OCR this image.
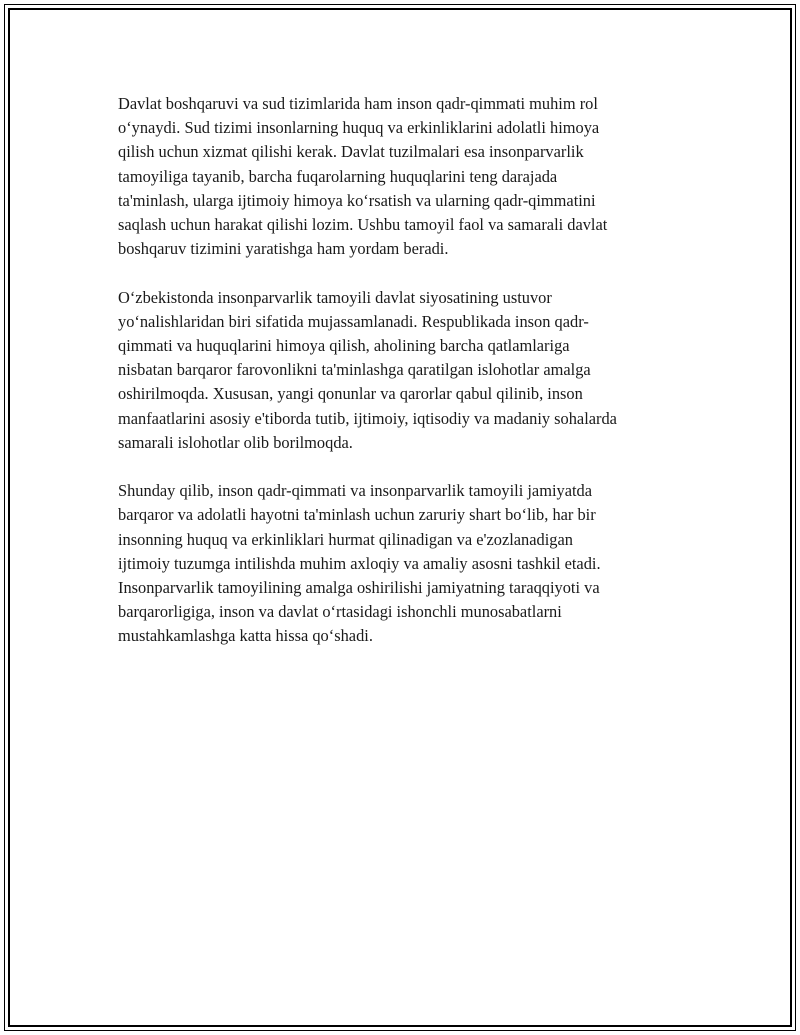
Davlat boshqaruvi va sud tizimlarida ham inson qadr-qimmati muhim rol
o‘ynaydi. Sud tizimi insonlarning huquq va erkinliklarini adolatli himoya
qilish uchun xizmat qilishi kerak. Davlat tuzilmalari esa insonparvarlik
tamoyiliga tayanib, barcha fuqarolarning huquqlarini teng darajada
ta'minlash, ularga ijtimoiy himoya ko‘rsatish va ularning qadr-qimmatini
saqlash uchun harakat qilishi lozim. Ushbu tamoyil faol va samarali davlat
boshqaruv tizimini yaratishga ham yordam beradi.

O‘zbekistonda insonparvarlik tamoyili davlat siyosatining ustuvor
yo‘nalishlaridan biri sifatida mujassamlanadi. Respublikada inson qadr-
qimmati va huquqlarini himoya qilish, aholining barcha qatlamlariga
nisbatan barqaror farovonlikni ta'minlashga qaratilgan islohotlar amalga
oshirilmoqda. Xususan, yangi qonunlar va qarorlar qabul qilinib, inson
manfaatlarini asosiy e'tiborda tutib, ijtimoiy, iqtisodiy va madaniy sohalarda
samarali islohotlar olib borilmoqda.

Shunday qilib, inson qadr-qimmati va insonparvarlik tamoyili jamiyatda
barqaror va adolatli hayotni ta'minlash uchun zaruriy shart bo‘lib, har bir
insonning huquq va erkinliklari hurmat qilinadigan va e'zozlanadigan
ijtimoiy tuzumga intilishda muhim axloqiy va amaliy asosni tashkil etadi.
Insonparvarlik tamoyilining amalga oshirilishi jamiyatning taraqqiyoti va
barqarorligiga, inson va davlat o‘rtasidagi ishonchli munosabatlarni
mustahkamlashga katta hissa qo‘shadi.
